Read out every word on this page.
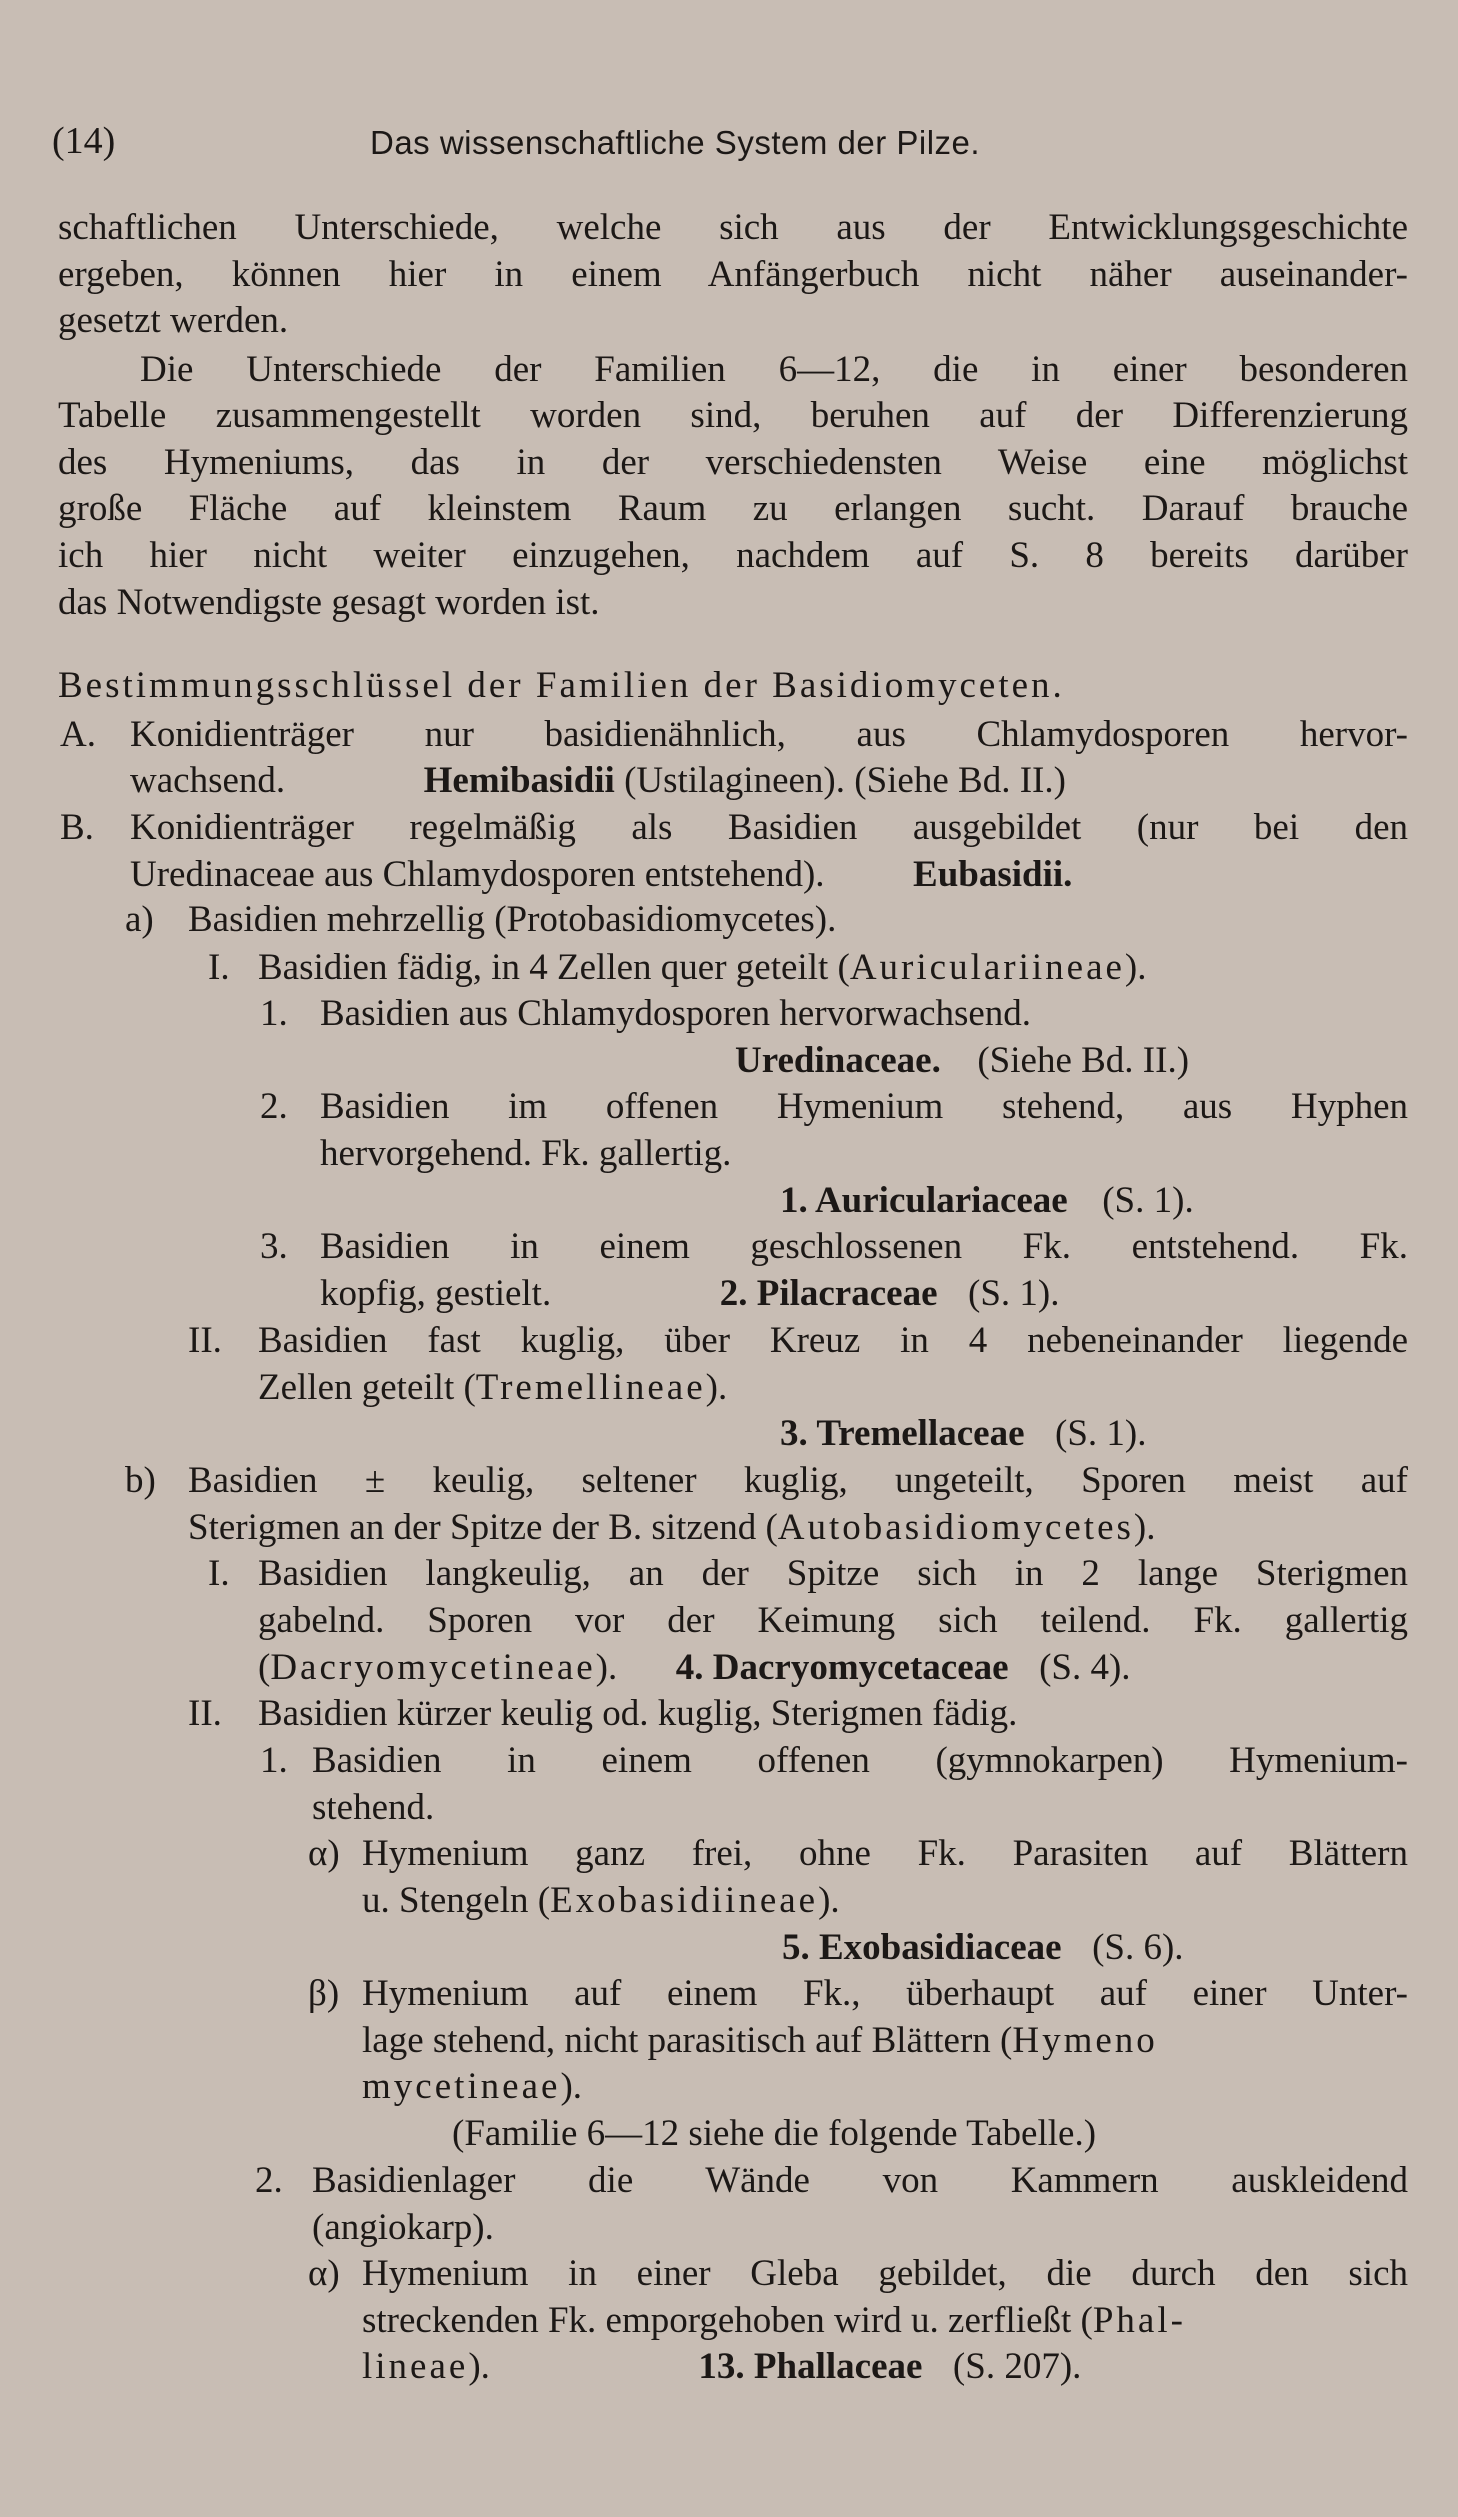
(14)	Das wissenschaftliche System der Pilze.
schaftlichen Unterschiede, welche sich aus der Entwicklungsgeschichte
ergeben, können hier in einem Anfängerbuch nicht näher auseinander-
gesetzt werden.
Die Unterschiede der Familien 6—12, die in einer besonderen
Tabelle zusammengestellt worden sind, beruhen auf der Differenzierung
des Hymeniums, das in der verschiedensten Weise eine möglichst
große Fläche auf kleinstem Raum zu erlangen sucht. Darauf brauche
ich hier nicht weiter einzugehen, nachdem auf S. 8 bereits darüber
das Notwendigste gesagt worden ist.
Bestimmungsschlüssel der Familien der Basidiomyceten.
A. Konidienträger nur basidienähnlich, aus Chlamydosporen hervor-
wachsend.	Hemibasidii (Ustilagineen). (Siehe Bd. II.)
B. Konidienträger regelmäßig als Basidien ausgebildet (nur bei den
Uredinaceae aus Chlamydosporen entstehend). Eubasidii.
a) Basidien mehrzellig (Protobasidiomycetes).
I. Basidien fädig, in 4 Zellen quer geteilt (Auriculariineae).
1. Basidien aus Chlamydosporen hervorwachsend.
Uredinaceae. (Siehe Bd. II.)
2. Basidien im offenen Hymenium stehend, aus Hyphen
hervorgehend. Fk. gallertig.
1. Auriculariaceae (S. 1).
3. Basidien in einem geschlossenen Fk. entstehend. Fk.
kopfig, gestielt.	2. Pilacraceae (S. 1).
II. Basidien fast kuglig, über Kreuz in 4 nebeneinander liegende
Zellen geteilt (Tremellineae).
3. Tremellaceae (S. 1).
b) Basidien ± keulig, seltener kuglig, ungeteilt, Sporen meist auf
Sterigmen an der Spitze der B. sitzend (Autobasidiomycetes).
I. Basidien langkeulig, an der Spitze sich in 2 lange Sterigmen
gabelnd. Sporen vor der Keimung sich teilend. Fk. gallertig
(Dacryomycetineae). 4. Dacryomycetaceae (S. 4).
II. Basidien kürzer keulig od. kuglig, Sterigmen fädig.
1. Basidien in einem offenen (gymnokarpen) Hymenium-
stehend.
α) Hymenium ganz frei, ohne Fk. Parasiten auf Blättern
u. Stengeln (Exobasidiineae).
5. Exobasidiaceae (S. 6).
β) Hymenium auf einem Fk., überhaupt auf einer Unter-
lage stehend, nicht parasitisch auf Blättern (Hymeno
mycetineae).
(Familie 6—12 siehe die folgende Tabelle.)
2. Basidienlager die Wände von Kammern auskleidend
(angiokarp).
α) Hymenium in einer Gleba gebildet, die durch den sich
streckenden Fk. emporgehoben wird u. zerfließt (Phal-
lineae).	13. Phallaceae (S. 207).
